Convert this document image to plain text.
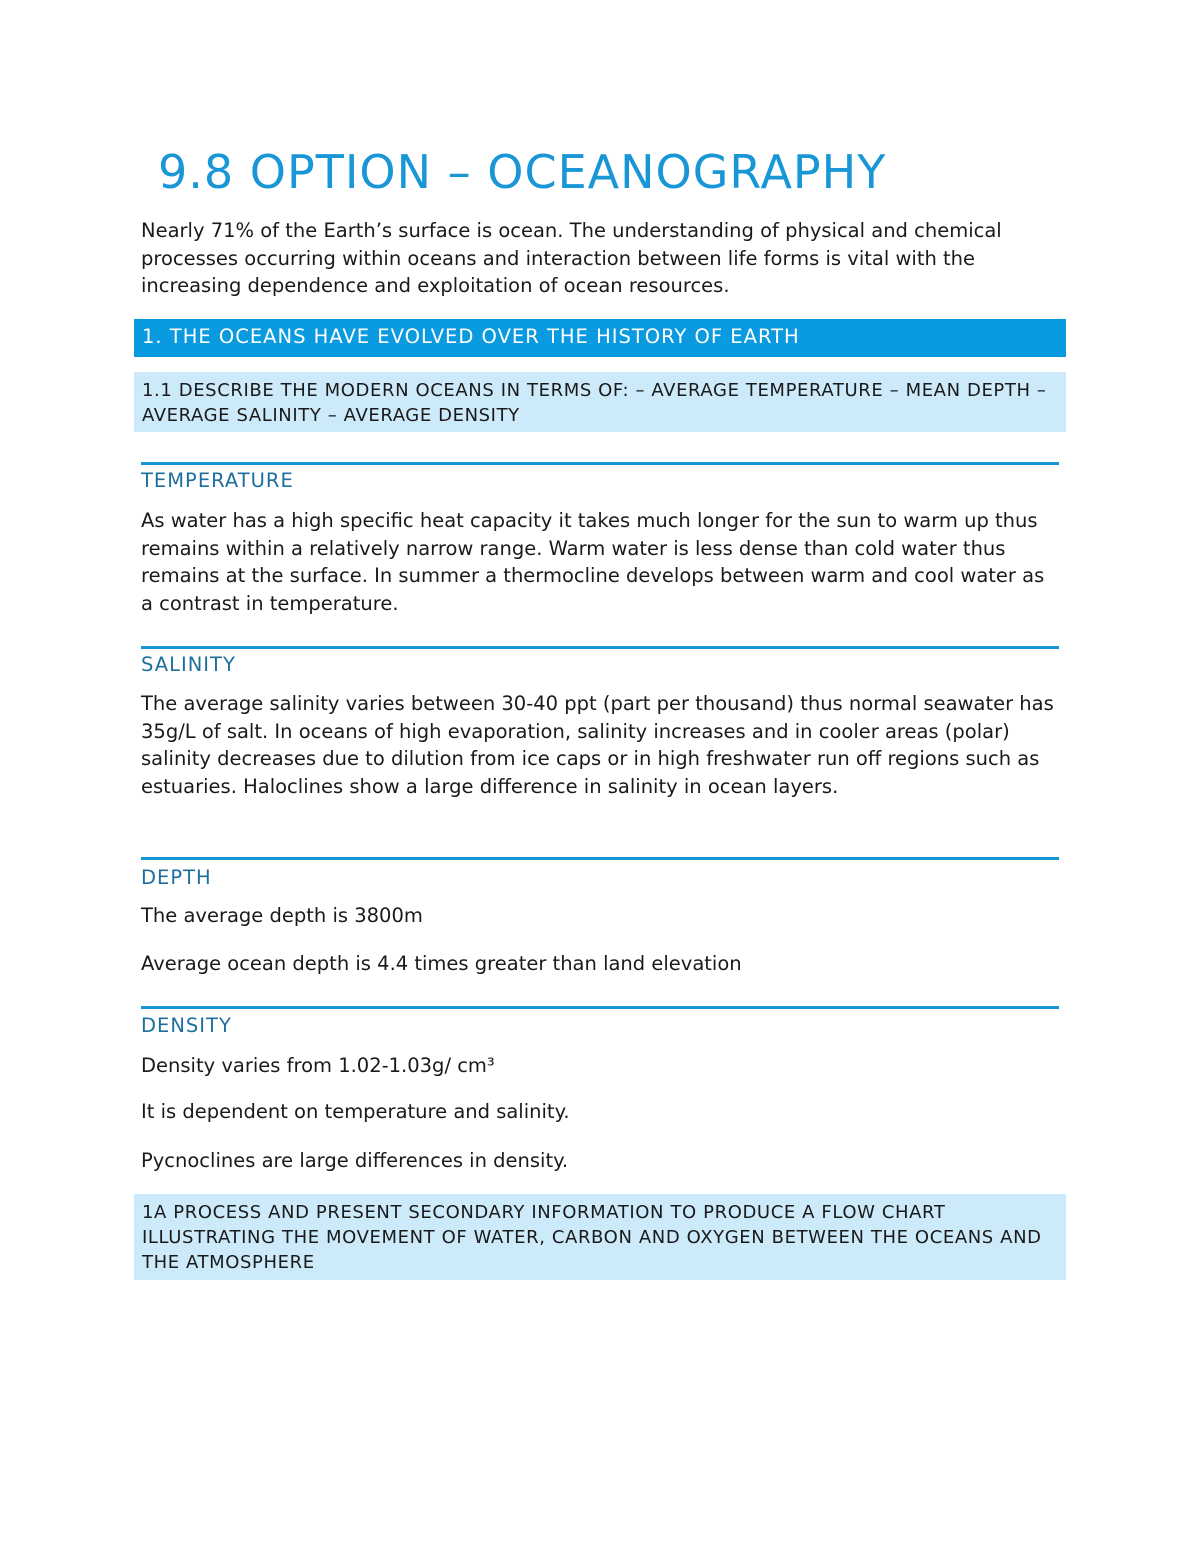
9.8 OPTION – OCEANOGRAPHY

Nearly 71% of the Earth’s surface is ocean. The understanding of physical and chemical processes occurring within oceans and interaction between life forms is vital with the increasing dependence and exploitation of ocean resources.

1. THE OCEANS HAVE EVOLVED OVER THE HISTORY OF EARTH
1.1 DESCRIBE THE MODERN OCEANS IN TERMS OF: – AVERAGE TEMPERATURE – MEAN DEPTH – AVERAGE SALINITY – AVERAGE DENSITY
TEMPERATURE

As water has a high specific heat capacity it takes much longer for the sun to warm up thus remains within a relatively narrow range. Warm water is less dense than cold water thus remains at the surface. In summer a thermocline develops between warm and cool water as a contrast in temperature.

SALINITY

The average salinity varies between 30-40 ppt (part per thousand) thus normal seawater has 35g/L of salt. In oceans of high evaporation, salinity increases and in cooler areas (polar) salinity decreases due to dilution from ice caps or in high freshwater run off regions such as estuaries. Haloclines show a large difference in salinity in ocean layers.

DEPTH

The average depth is 3800m

Average ocean depth is 4.4 times greater than land elevation

DENSITY

Density varies from 1.02-1.03g/ cm³

It is dependent on temperature and salinity.

Pycnoclines are large differences in density.

1A PROCESS AND PRESENT SECONDARY INFORMATION TO PRODUCE A FLOW CHART ILLUSTRATING THE MOVEMENT OF WATER, CARBON AND OXYGEN BETWEEN THE OCEANS AND THE ATMOSPHERE
